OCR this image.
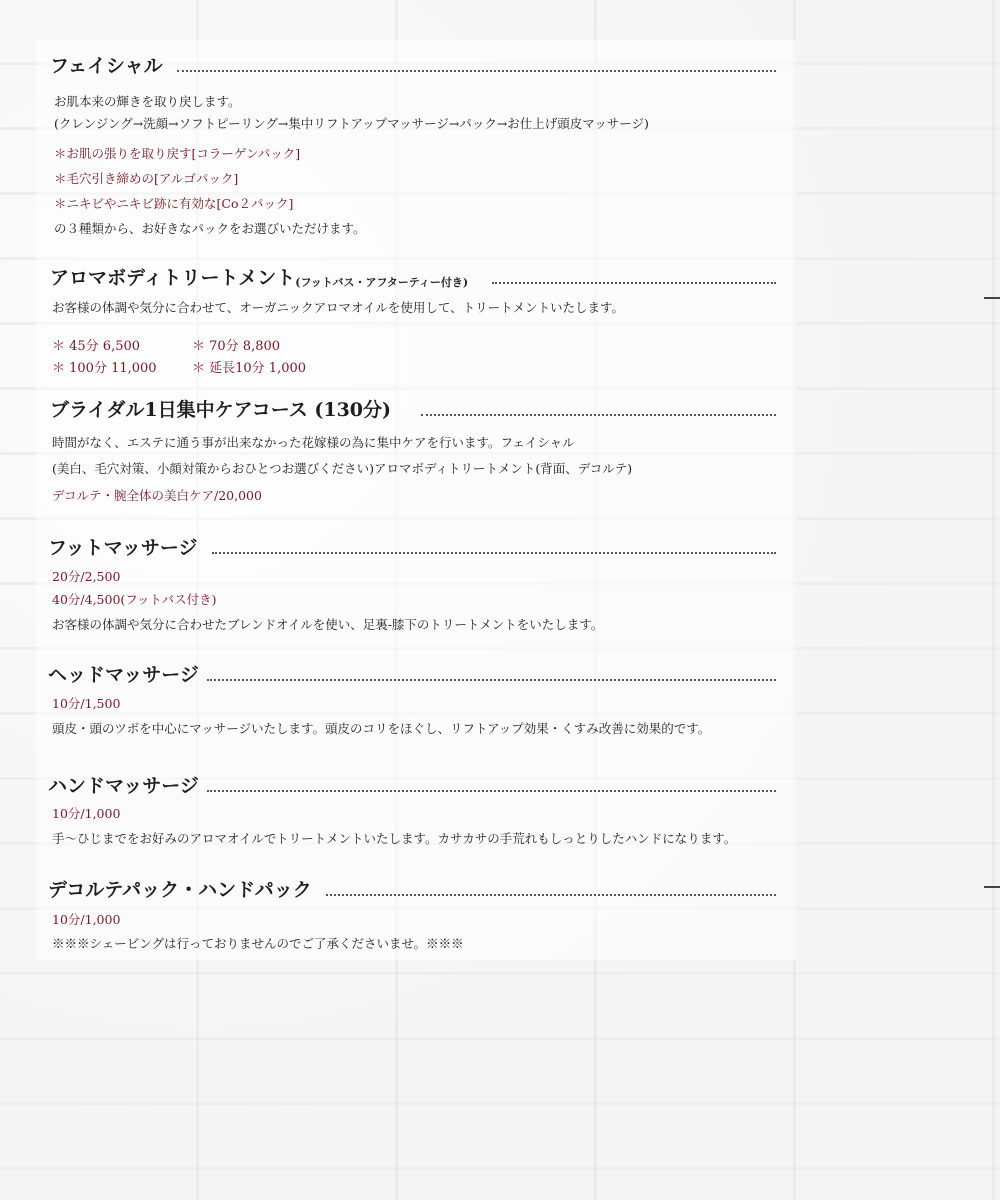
フェイシャル
お肌本来の輝きを取り戻します。
(クレンジング→洗顔→ソフトピーリング→集中リフトアップマッサージ→パック→お仕上げ頭皮マッサージ)
＊お肌の張りを取り戻す[コラーゲンパック]
＊毛穴引き締めの[アルゴパック]
＊ニキビやニキビ跡に有効な[Co２パック]
の３種類から、お好きなパックをお選びいただけます。
アロマボディトリートメント (フットバス・アフターティー付き)
お客様の体調や気分に合わせて、オーガニックアロマオイルを使用して、トリートメントいたします。
＊ 45分 6,500	＊ 70分 8,800
＊ 100分 11,000	＊ 延長10分 1,000
ブライダル1日集中ケアコース (130分)
時間がなく、エステに通う事が出来なかった花嫁様の為に集中ケアを行います。フェイシャル
(美白、毛穴対策、小顔対策からおひとつお選びください)アロマボディトリートメント(背面、デコルテ)
デコルテ・腕全体の美白ケア/20,000
フットマッサージ
20分/2,500
40分/4,500(フットバス付き)
お客様の体調や気分に合わせたブレンドオイルを使い、足裏-膝下のトリートメントをいたします。
ヘッドマッサージ
10分/1,500
頭皮・頭のツボを中心にマッサージいたします。頭皮のコリをほぐし、リフトアップ効果・くすみ改善に効果的です。
ハンドマッサージ
10分/1,000
手～ひじまでをお好みのアロマオイルでトリートメントいたします。カサカサの手荒れもしっとりしたハンドになります。
デコルテパック・ハンドパック
10分/1,000
※※※シェービングは行っておりませんのでご了承くださいませ。※※※
